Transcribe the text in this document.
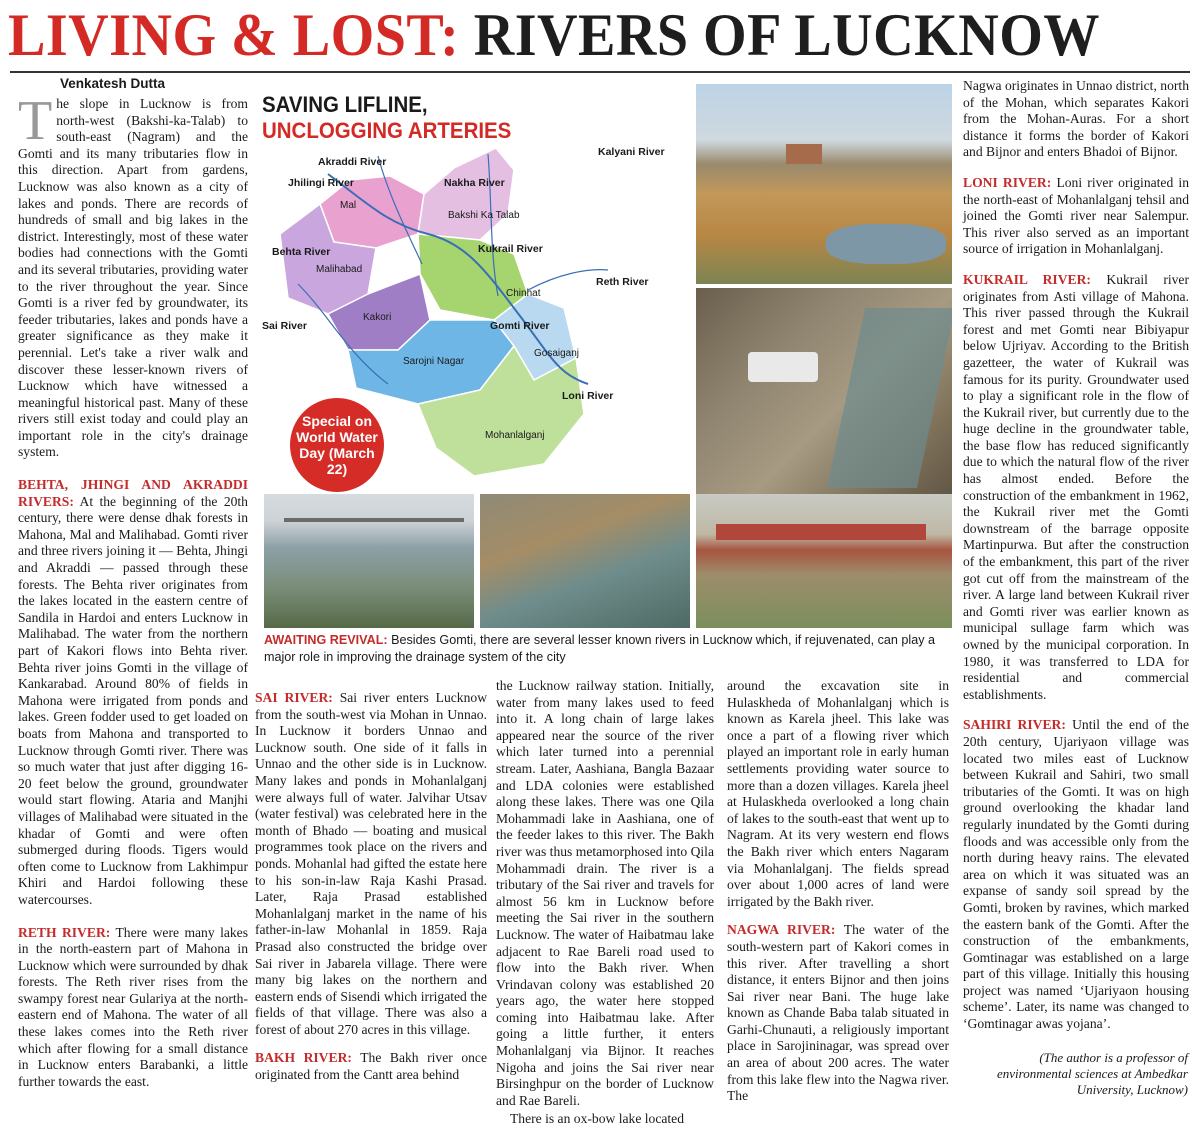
LIVING & LOST: RIVERS OF LUCKNOW
Venkatesh Dutta

The slope in Lucknow is from north-west (Bakshi-ka-Talab) to south-east (Nagram) and the Gomti and its many tributaries flow in this direction. Apart from gardens, Lucknow was also known as a city of lakes and ponds. There are records of hundreds of small and big lakes in the district. Interestingly, most of these water bodies had connections with the Gomti and its several tributaries, providing water to the river throughout the year. Since Gomti is a river fed by groundwater, its feeder tributaries, lakes and ponds have a greater significance as they make it perennial. Let's take a river walk and discover these lesser-known rivers of Lucknow which have witnessed a meaningful historical past. Many of these rivers still exist today and could play an important role in the city's drainage system.

BEHTA, JHINGI AND AKRADDI RIVERS: At the beginning of the 20th century, there were dense dhak forests in Mahona, Mal and Malihabad. Gomti river and three rivers joining it — Behta, Jhingi and Akraddi — passed through these forests. The Behta river originates from the lakes located in the eastern centre of Sandila in Hardoi and enters Lucknow in Malihabad. The water from the northern part of Kakori flows into Behta river. Behta river joins Gomti in the village of Kankarabad. Around 80% of fields in Mahona were irrigated from ponds and lakes. Green fodder used to get loaded on boats from Mahona and transported to Lucknow through Gomti river. There was so much water that just after digging 16-20 feet below the ground, groundwater would start flowing. Ataria and Manjhi villages of Malihabad were situated in the khadar of Gomti and were often submerged during floods. Tigers would often come to Lucknow from Lakhimpur Khiri and Hardoi following these watercourses.

RETH RIVER: There were many lakes in the north-eastern part of Mahona in Lucknow which were surrounded by dhak forests. The Reth river rises from the swampy forest near Gulariya at the north-eastern end of Mahona. The water of all these lakes comes into the Reth river which after flowing for a small distance in Lucknow enters Barabanki, a little further towards the east.

SAVING LIFLINE,
UNCLOGGING ARTERIES
Kalyani River
Akraddi River
Jhilingi River	Nakha River
Behta River	Kukrail River
Reth River
Sai River	Gomti River
Loni River
Mal
Bakshi Ka Talab
Malihabad
Chinhat
Kakori
Sarojni Nagar
Gosaiganj
Mohanlalganj
Special on World Water Day (March 22)
AWAITING REVIVAL: Besides Gomti, there are several lesser known rivers in Lucknow which, if rejuvenated, can play a major role in improving the drainage system of the city

SAI RIVER: Sai river enters Lucknow from the south-west via Mohan in Unnao. In Lucknow it borders Unnao and Lucknow south. One side of it falls in Unnao and the other side is in Lucknow. Many lakes and ponds in Mohanlalganj were always full of water. Jalvihar Utsav (water festival) was celebrated here in the month of Bhado — boating and musical programmes took place on the rivers and ponds. Mohanlal had gifted the estate here to his son-in-law Raja Kashi Prasad. Later, Raja Prasad established Mohanlalganj market in the name of his father-in-law Mohanlal in 1859. Raja Prasad also constructed the bridge over Sai river in Jabarela village. There were many big lakes on the northern and eastern ends of Sisendi which irrigated the fields of that village. There was also a forest of about 270 acres in this village.

BAKH RIVER: The Bakh river once originated from the Cantt area behind

the Lucknow railway station. Initially, water from many lakes used to feed into it. A long chain of large lakes appeared near the source of the river which later turned into a perennial stream. Later, Aashiana, Bangla Bazaar and LDA colonies were established along these lakes. There was one Qila Mohammadi lake in Aashiana, one of the feeder lakes to this river. The Bakh river was thus metamorphosed into Qila Mohammadi drain. The river is a tributary of the Sai river and travels for almost 56 km in Lucknow before meeting the Sai river in the southern Lucknow. The water of Haibatmau lake adjacent to Rae Bareli road used to flow into the Bakh river. When Vrindavan colony was established 20 years ago, the water here stopped coming into Haibatmau lake. After going a little further, it enters Mohanlalganj via Bijnor. It reaches Nigoha and joins the Sai river near Birsinghpur on the border of Lucknow and Rae Bareli.

There is an ox-bow lake located

around the excavation site in Hulaskheda of Mohanlalganj which is known as Karela jheel. This lake was once a part of a flowing river which played an important role in early human settlements providing water source to more than a dozen villages. Karela jheel at Hulaskheda overlooked a long chain of lakes to the south-east that went up to Nagram. At its very western end flows the Bakh river which enters Nagaram via Mohanlalganj. The fields spread over about 1,000 acres of land were irrigated by the Bakh river.

NAGWA RIVER: The water of the south-western part of Kakori comes in this river. After travelling a short distance, it enters Bijnor and then joins Sai river near Bani. The huge lake known as Chande Baba talab situated in Garhi-Chunauti, a religiously important place in Sarojininagar, was spread over an area of about 200 acres. The water from this lake flew into the Nagwa river. The

Nagwa originates in Unnao district, north of the Mohan, which separates Kakori from the Mohan-Auras. For a short distance it forms the border of Kakori and Bijnor and enters Bhadoi of Bijnor.

LONI RIVER: Loni river originated in the north-east of Mohanlalganj tehsil and joined the Gomti river near Salempur. This river also served as an important source of irrigation in Mohanlalganj.

KUKRAIL RIVER: Kukrail river originates from Asti village of Mahona. This river passed through the Kukrail forest and met Gomti near Bibiyapur below Ujriyav. According to the British gazetteer, the water of Kukrail was famous for its purity. Groundwater used to play a significant role in the flow of the Kukrail river, but currently due to the huge decline in the groundwater table, the base flow has reduced significantly due to which the natural flow of the river has almost ended. Before the construction of the embankment in 1962, the Kukrail river met the Gomti downstream of the barrage opposite Martinpurwa. But after the construction of the embankment, this part of the river got cut off from the mainstream of the river. A large land between Kukrail river and Gomti river was earlier known as municipal sullage farm which was owned by the municipal corporation. In 1980, it was transferred to LDA for residential and commercial establishments.

SAHIRI RIVER: Until the end of the 20th century, Ujariyaon village was located two miles east of Lucknow between Kukrail and Sahiri, two small tributaries of the Gomti. It was on high ground overlooking the khadar land regularly inundated by the Gomti during floods and was accessible only from the north during heavy rains. The elevated area on which it was situated was an expanse of sandy soil spread by the Gomti, broken by ravines, which marked the eastern bank of the Gomti. After the construction of the embankments, Gomtinagar was established on a large part of this village. Initially this housing project was named ‘Ujariyaon housing scheme’. Later, its name was changed to ‘Gomtinagar awas yojana’.

(The author is a professor of environmental sciences at Ambedkar University, Lucknow)
